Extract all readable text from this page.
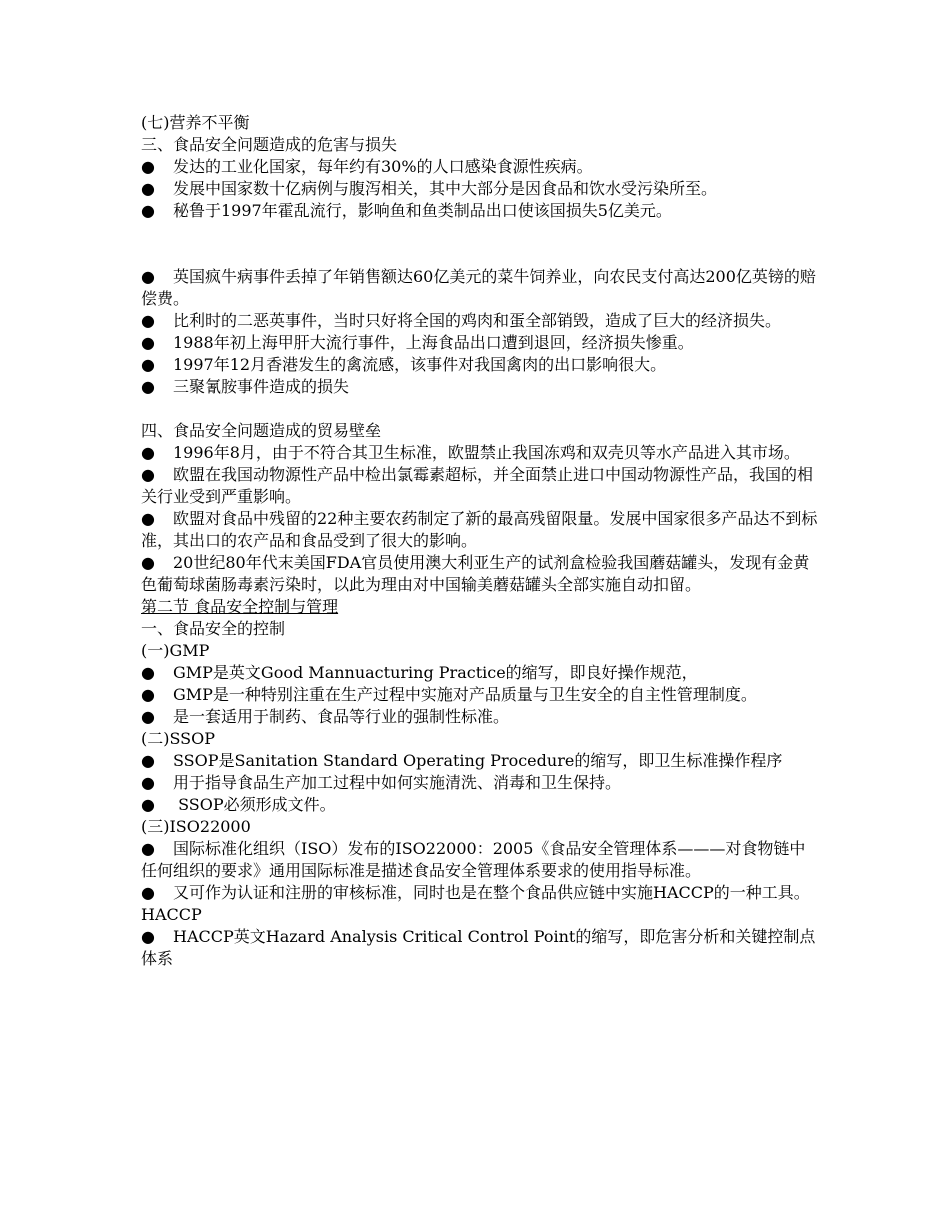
(七)营养不平衡

三、食品安全问题造成的危害与损失

● 发达的工业化国家，每年约有30%的人口感染食源性疾病。

● 发展中国家数十亿病例与腹泻相关，其中大部分是因食品和饮水受污染所至。

● 秘鲁于1997年霍乱流行，影响鱼和鱼类制品出口使该国损失5亿美元。

● 英国疯牛病事件丢掉了年销售额达60亿美元的菜牛饲养业，向农民支付高达200亿英镑的赔偿费。

● 比利时的二恶英事件，当时只好将全国的鸡肉和蛋全部销毁，造成了巨大的经济损失。

● 1988年初上海甲肝大流行事件，上海食品出口遭到退回，经济损失惨重。

● 1997年12月香港发生的禽流感，该事件对我国禽肉的出口影响很大。

● 三聚氰胺事件造成的损失

四、食品安全问题造成的贸易壁垒

● 1996年8月，由于不符合其卫生标准，欧盟禁止我国冻鸡和双壳贝等水产品进入其市场。

● 欧盟在我国动物源性产品中检出氯霉素超标，并全面禁止进口中国动物源性产品，我国的相关行业受到严重影响。

● 欧盟对食品中残留的22种主要农药制定了新的最高残留限量。发展中国家很多产品达不到标准，其出口的农产品和食品受到了很大的影响。

● 20世纪80年代末美国FDA官员使用澳大利亚生产的试剂盒检验我国蘑菇罐头，发现有金黄色葡萄球菌肠毒素污染时，以此为理由对中国输美蘑菇罐头全部实施自动扣留。

第二节 食品安全控制与管理

一、食品安全的控制

(一)GMP

● GMP是英文Good Mannuacturing Practice的缩写，即良好操作规范，

● GMP是一种特别注重在生产过程中实施对产品质量与卫生安全的自主性管理制度。

● 是一套适用于制药、食品等行业的强制性标准。

(二)SSOP

● SSOP是Sanitation Standard Operating Procedure的缩写，即卫生标准操作程序

● 用于指导食品生产加工过程中如何实施清洗、消毒和卫生保持。

● SSOP必须形成文件。

(三)ISO22000

● 国际标准化组织（ISO）发布的ISO22000：2005《食品安全管理体系———对食物链中任何组织的要求》通用国际标准是描述食品安全管理体系要求的使用指导标准。

● 又可作为认证和注册的审核标准，同时也是在整个食品供应链中实施HACCP的一种工具。

HACCP

● HACCP英文Hazard Analysis Critical Control Point的缩写，即危害分析和关键控制点体系
